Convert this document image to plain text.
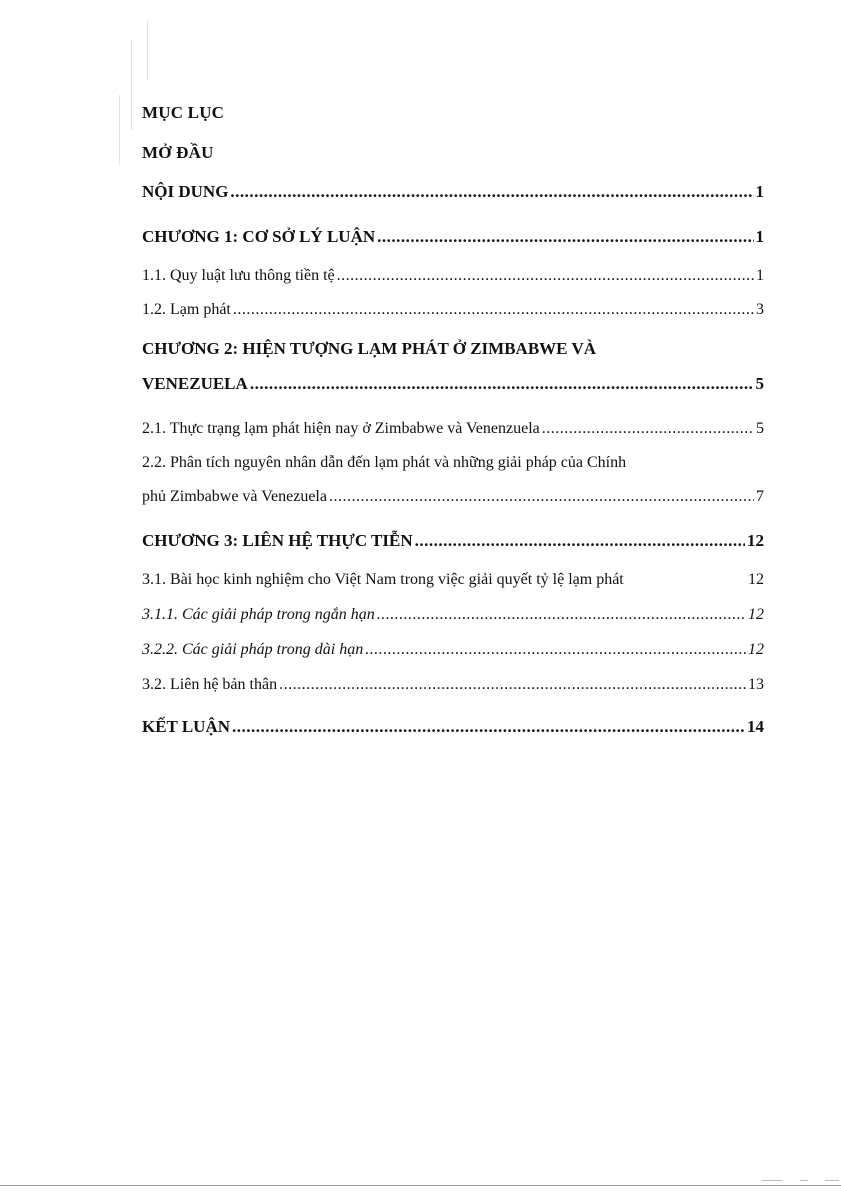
MỤC LỤC
MỞ ĐẦU
NỘI DUNG .....	1
CHƯƠNG 1: CƠ SỞ LÝ LUẬN .....	1
1.1. Quy luật lưu thông tiền tệ .....	1
1.2. Lạm phát .....	3
CHƯƠNG 2: HIỆN TƯỢNG LẠM PHÁT Ở ZIMBABWE VÀ
VENEZUELA .....	5
2.1. Thực trạng lạm phát hiện nay ở Zimbabwe và Venenzuela .....	5
2.2. Phân tích nguyên nhân dẫn đến lạm phát và những giải pháp của Chính
phủ Zimbabwe và Venezuela .....	7
CHƯƠNG 3: LIÊN HỆ THỰC TIỄN .....	12
3.1. Bài học kinh nghiệm cho Việt Nam trong việc giải quyết tỷ lệ lạm phát	12
3.1.1. Các giải pháp trong ngắn hạn .....	12
3.2.2. Các giải pháp trong dài hạn .....	12
3.2. Liên hệ bản thân .....	13
KẾT LUẬN .....	14
